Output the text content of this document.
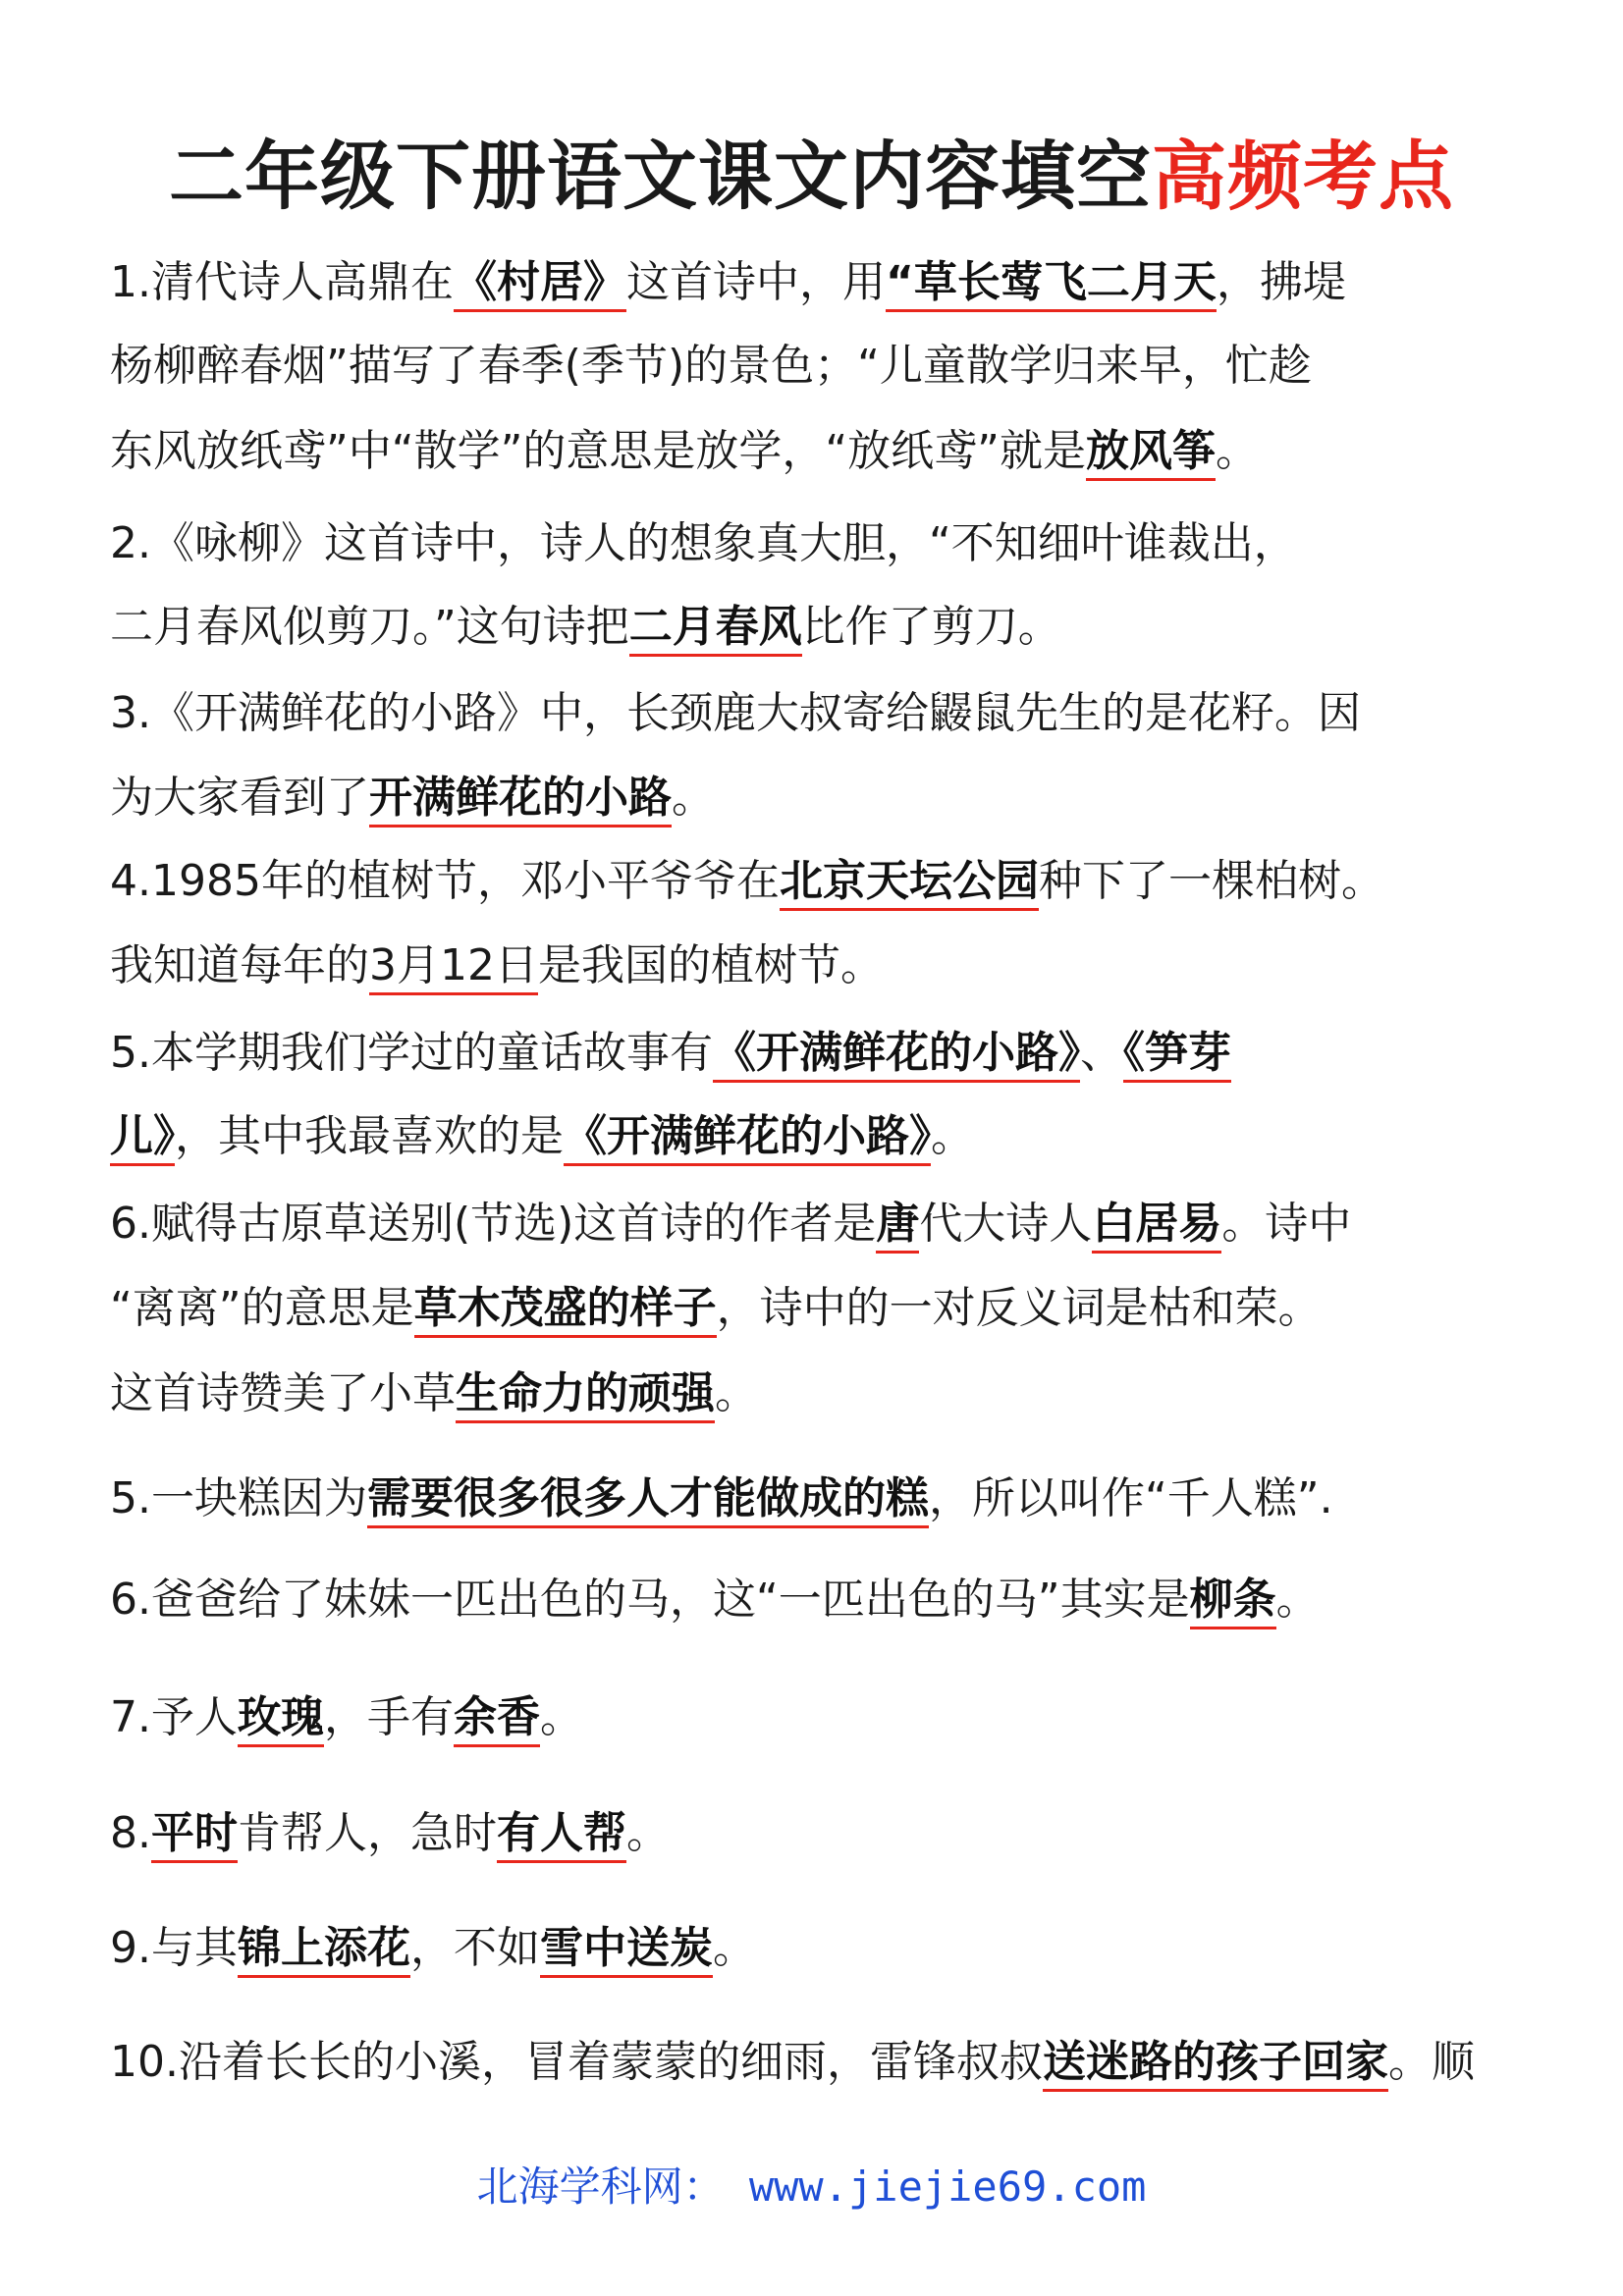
二年级下册语文课文内容填空高频考点
1.清代诗人高鼎在《村居》这首诗中，用“草长莺飞二月天，拂堤
杨柳醉春烟”描写了春季(季节)的景色；“儿童散学归来早，忙趁
东风放纸鸢”中“散学”的意思是放学，“放纸鸢”就是放风筝。
2.《咏柳》这首诗中，诗人的想象真大胆，“不知细叶谁裁出，
二月春风似剪刀。”这句诗把二月春风比作了剪刀。
3.《开满鲜花的小路》中，长颈鹿大叔寄给鼹鼠先生的是花籽。因
为大家看到了开满鲜花的小路。
4.1985年的植树节，邓小平爷爷在北京天坛公园种下了一棵柏树。
我知道每年的3月12日是我国的植树节。
5.本学期我们学过的童话故事有《开满鲜花的小路》、《笋芽
儿》，其中我最喜欢的是《开满鲜花的小路》。
6.赋得古原草送别(节选)这首诗的作者是唐代大诗人白居易。诗中
“离离”的意思是草木茂盛的样子，诗中的一对反义词是枯和荣。
这首诗赞美了小草生命力的顽强。
5.一块糕因为需要很多很多人才能做成的糕，所以叫作“千人糕”.
6.爸爸给了妹妹一匹出色的马，这“一匹出色的马”其实是柳条。
7.予人玫瑰，手有余香。
8.平时肯帮人，急时有人帮。
9.与其锦上添花，不如雪中送炭。
10.沿着长长的小溪，冒着蒙蒙的细雨，雷锋叔叔送迷路的孩子回家。顺
北海学科网： www.jiejie69.com
